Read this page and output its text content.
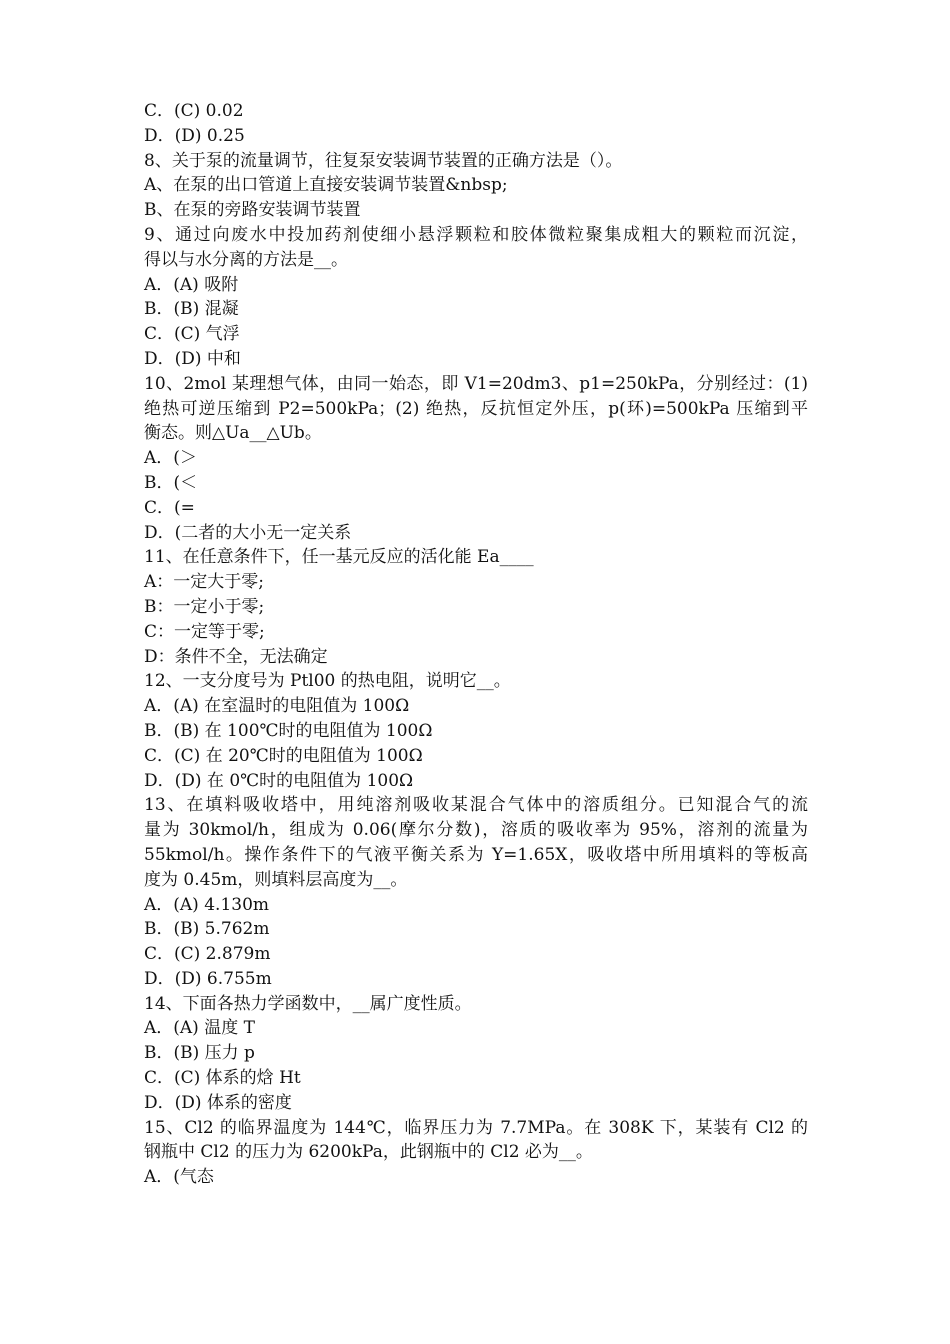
C．(C) 0.02
D．(D) 0.25
8、关于泵的流量调节，往复泵安装调节装置的正确方法是（）。
A、在泵的出口管道上直接安装调节装置&nbsp;
B、在泵的旁路安装调节装置
9、通过向废水中投加药剂使细小悬浮颗粒和胶体微粒聚集成粗大的颗粒而沉淀，
得以与水分离的方法是__。
A．(A) 吸附
B．(B) 混凝
C．(C) 气浮
D．(D) 中和
10、2mol 某理想气体，由同一始态，即 V1=20dm3、p1=250kPa，分别经过：(1)
绝热可逆压缩到 P2=500kPa；(2) 绝热，反抗恒定外压，p(环)=500kPa 压缩到平
衡态。则△Ua__△Ub。
A．(＞
B．(＜
C．(=
D．(二者的大小无一定关系
11、在任意条件下，任一基元反应的活化能 Ea____
A：一定大于零;
B：一定小于零;
C：一定等于零;
D：条件不全，无法确定
12、一支分度号为 Ptl00 的热电阻，说明它__。
A．(A) 在室温时的电阻值为 100Ω
B．(B) 在 100℃时的电阻值为 100Ω
C．(C) 在 20℃时的电阻值为 100Ω
D．(D) 在 0℃时的电阻值为 100Ω
13、在填料吸收塔中，用纯溶剂吸收某混合气体中的溶质组分。已知混合气的流
量为 30kmol/h，组成为 0.06(摩尔分数)，溶质的吸收率为 95%，溶剂的流量为
55kmol/h。操作条件下的气液平衡关系为 Y=1.65X，吸收塔中所用填料的等板高
度为 0.45m，则填料层高度为__。
A．(A) 4.130m
B．(B) 5.762m
C．(C) 2.879m
D．(D) 6.755m
14、下面各热力学函数中，__属广度性质。
A．(A) 温度 T
B．(B) 压力 p
C．(C) 体系的焓 Ht
D．(D) 体系的密度
15、Cl2 的临界温度为 144℃，临界压力为 7.7MPa。在 308K 下，某装有 Cl2 的
钢瓶中 Cl2 的压力为 6200kPa，此钢瓶中的 Cl2 必为__。
A．(气态
